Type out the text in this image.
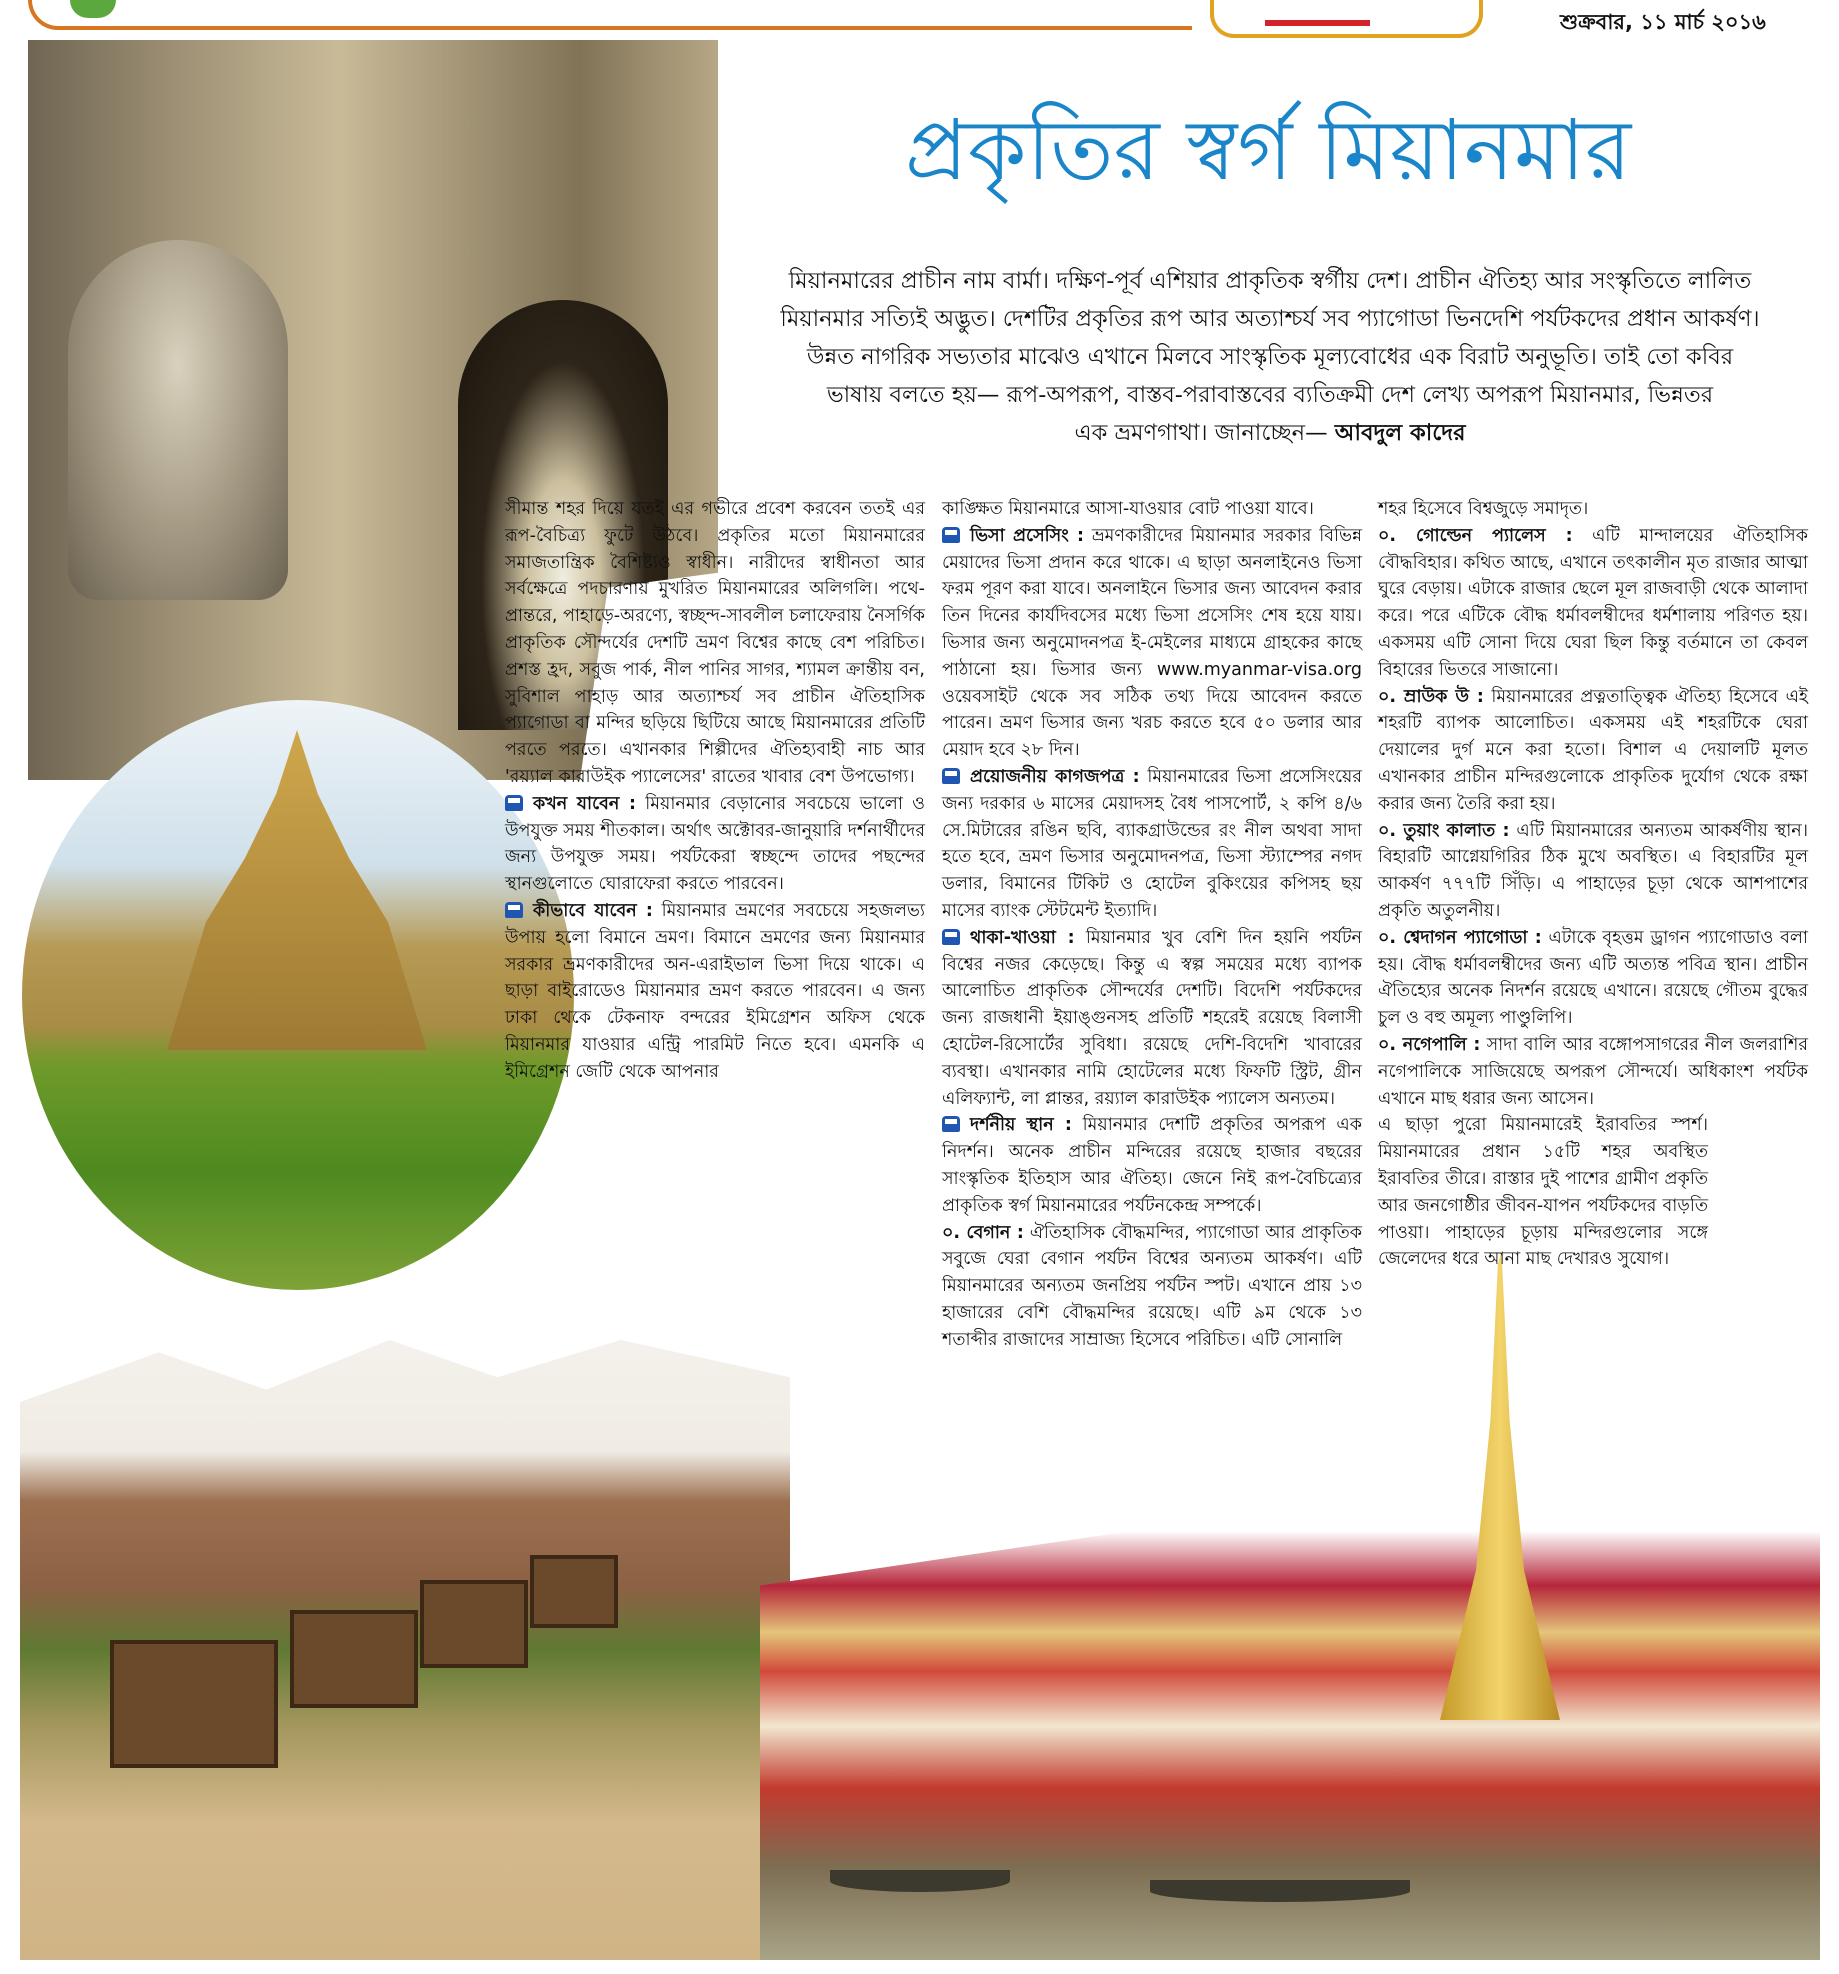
শুক্রবার, ১১ মার্চ ২০১৬
প্রকৃতির স্বর্গ মিয়ানমার
মিয়ানমারের প্রাচীন নাম বার্মা। দক্ষিণ-পূর্ব এশিয়ার প্রাকৃতিক স্বর্গীয় দেশ। প্রাচীন ঐতিহ্য আর সংস্কৃতিতে লালিত
মিয়ানমার সত্যিই অদ্ভুত। দেশটির প্রকৃতির রূপ আর অত্যাশ্চর্য সব প্যাগোডা ভিনদেশি পর্যটকদের প্রধান আকর্ষণ।
উন্নত নাগরিক সভ্যতার মাঝেও এখানে মিলবে সাংস্কৃতিক মূল্যবোধের এক বিরাট অনুভূতি। তাই তো কবির
ভাষায় বলতে হয়— রূপ-অপরূপ, বাস্তব-পরাবাস্তবের ব্যতিক্রমী দেশ লেখ্য অপরূপ মিয়ানমার, ভিন্নতর
এক ভ্রমণগাথা। জানাচ্ছেন— আবদুল কাদের

সীমান্ত শহর দিয়ে যতই এর গভীরে প্রবেশ করবেন ততই এর রূপ-বৈচিত্র্য ফুটে উঠবে। প্রকৃতির মতো মিয়ানমারের সমাজতান্ত্রিক বৈশিষ্ট্যও স্বাধীন। নারীদের স্বাধীনতা আর সর্বক্ষেত্রে পদচারণায় মুখরিত মিয়ানমারের অলিগলি। পথে-প্রান্তরে, পাহাড়ে-অরণ্যে, স্বচ্ছন্দ-সাবলীল চলাফেরায় নৈসর্গিক প্রাকৃতিক সৌন্দর্যের দেশটি ভ্রমণ বিশ্বের কাছে বেশ পরিচিত। প্রশস্ত হ্রদ, সবুজ পার্ক, নীল পানির সাগর, শ্যামল ক্রান্তীয় বন, সুবিশাল পাহাড় আর অত্যাশ্চর্য সব প্রাচীন ঐতিহাসিক প্যাগোডা বা মন্দির ছড়িয়ে ছিটিয়ে আছে মিয়ানমারের প্রতিটি পরতে পরতে। এখানকার শিল্পীদের ঐতিহ্যবাহী নাচ আর 'রয়্যাল কারাউইক প্যালেসের' রাতের খাবার বেশ উপভোগ্য।

কখন যাবেন : মিয়ানমার বেড়ানোর সবচেয়ে ভালো ও উপযুক্ত সময় শীতকাল। অর্থাৎ অক্টোবর-জানুয়ারি দর্শনার্থীদের জন্য উপযুক্ত সময়। পর্যটকেরা স্বচ্ছন্দে তাদের পছন্দের স্থানগুলোতে ঘোরাফেরা করতে পারবেন।

কীভাবে যাবেন : মিয়ানমার ভ্রমণের সবচেয়ে সহজলভ্য উপায় হলো বিমানে ভ্রমণ। বিমানে ভ্রমণের জন্য মিয়ানমার সরকার ভ্রমণকারীদের অন-এরাইভাল ভিসা দিয়ে থাকে। এ ছাড়া বাইরোডেও মিয়ানমার ভ্রমণ করতে পারবেন। এ জন্য ঢাকা থেকে টেকনাফ বন্দরের ইমিগ্রেশন অফিস থেকে মিয়ানমার যাওয়ার এন্ট্রি পারমিট নিতে হবে। এমনকি এ ইমিগ্রেশন জেটি থেকে আপনার

কাঙ্ক্ষিত মিয়ানমারে আসা-যাওয়ার বোট পাওয়া যাবে।

ভিসা প্রসেসিং : ভ্রমণকারীদের মিয়ানমার সরকার বিভিন্ন মেয়াদের ভিসা প্রদান করে থাকে। এ ছাড়া অনলাইনেও ভিসা ফরম পূরণ করা যাবে। অনলাইনে ভিসার জন্য আবেদন করার তিন দিনের কার্যদিবসের মধ্যে ভিসা প্রসেসিং শেষ হয়ে যায়। ভিসার জন্য অনুমোদনপত্র ই-মেইলের মাধ্যমে গ্রাহকের কাছে পাঠানো হয়। ভিসার জন্য www.myanmar-visa.org ওয়েবসাইট থেকে সব সঠিক তথ্য দিয়ে আবেদন করতে পারেন। ভ্রমণ ভিসার জন্য খরচ করতে হবে ৫০ ডলার আর মেয়াদ হবে ২৮ দিন।

প্রয়োজনীয় কাগজপত্র : মিয়ানমারের ভিসা প্রসেসিংয়ের জন্য দরকার ৬ মাসের মেয়াদসহ বৈধ পাসপোর্ট, ২ কপি ৪/৬ সে.মিটারের রঙিন ছবি, ব্যাকগ্রাউন্ডের রং নীল অথবা সাদা হতে হবে, ভ্রমণ ভিসার অনুমোদনপত্র, ভিসা স্ট্যাম্পের নগদ ডলার, বিমানের টিকিট ও হোটেল বুকিংয়ের কপিসহ ছয় মাসের ব্যাংক স্টেটমেন্ট ইত্যাদি।

থাকা-খাওয়া : মিয়ানমার খুব বেশি দিন হয়নি পর্যটন বিশ্বের নজর কেড়েছে। কিন্তু এ স্বল্প সময়ের মধ্যে ব্যাপক আলোচিত প্রাকৃতিক সৌন্দর্যের দেশটি। বিদেশি পর্যটকদের জন্য রাজধানী ইয়াঙ্গুনসহ প্রতিটি শহরেই রয়েছে বিলাসী হোটেল-রিসোর্টের সুবিধা। রয়েছে দেশি-বিদেশি খাবারের ব্যবস্থা। এখানকার নামি হোটেলের মধ্যে ফিফটি স্ট্রিট, গ্রীন এলিফ্যান্ট, লা প্লান্তর, রয়্যাল কারাউইক প্যালেস অন্যতম।

দর্শনীয় স্থান : মিয়ানমার দেশটি প্রকৃতির অপরূপ এক নিদর্শন। অনেক প্রাচীন মন্দিরের রয়েছে হাজার বছরের সাংস্কৃতিক ইতিহাস আর ঐতিহ্য। জেনে নিই রূপ-বৈচিত্র্যের প্রাকৃতিক স্বর্গ মিয়ানমারের পর্যটনকেন্দ্র সম্পর্কে।

০. বেগান : ঐতিহাসিক বৌদ্ধমন্দির, প্যাগোডা আর প্রাকৃতিক সবুজে ঘেরা বেগান পর্যটন বিশ্বের অন্যতম আকর্ষণ। এটি মিয়ানমারের অন্যতম জনপ্রিয় পর্যটন স্পট। এখানে প্রায় ১৩ হাজারের বেশি বৌদ্ধমন্দির রয়েছে। এটি ৯ম থেকে ১৩ শতাব্দীর রাজাদের সাম্রাজ্য হিসেবে পরিচিত। এটি সোনালি

শহর হিসেবে বিশ্বজুড়ে সমাদৃত।

০. গোল্ডেন প্যালেস : এটি মান্দালয়ের ঐতিহাসিক বৌদ্ধবিহার। কথিত আছে, এখানে তৎকালীন মৃত রাজার আত্মা ঘুরে বেড়ায়। এটাকে রাজার ছেলে মূল রাজবাড়ী থেকে আলাদা করে। পরে এটিকে বৌদ্ধ ধর্মাবলম্বীদের ধর্মশালায় পরিণত হয়। একসময় এটি সোনা দিয়ে ঘেরা ছিল কিন্তু বর্তমানে তা কেবল বিহারের ভিতরে সাজানো।

০. ম্রাউক উ : মিয়ানমারের প্রত্নতাত্ত্বিক ঐতিহ্য হিসেবে এই শহরটি ব্যাপক আলোচিত। একসময় এই শহরটিকে ঘেরা দেয়ালের দুর্গ মনে করা হতো। বিশাল এ দেয়ালটি মূলত এখানকার প্রাচীন মন্দিরগুলোকে প্রাকৃতিক দুর্যোগ থেকে রক্ষা করার জন্য তৈরি করা হয়।

০. তুয়াং কালাত : এটি মিয়ানমারের অন্যতম আকর্ষণীয় স্থান। বিহারটি আগ্নেয়গিরির ঠিক মুখে অবস্থিত। এ বিহারটির মূল আকর্ষণ ৭৭৭টি সিঁড়ি। এ পাহাড়ের চূড়া থেকে আশপাশের প্রকৃতি অতুলনীয়।

০. শ্বেদাগন প্যাগোডা : এটাকে বৃহত্তম ড্রাগন প্যাগোডাও বলা হয়। বৌদ্ধ ধর্মাবলম্বীদের জন্য এটি অত্যন্ত পবিত্র স্থান। প্রাচীন ঐতিহ্যের অনেক নিদর্শন রয়েছে এখানে। রয়েছে গৌতম বুদ্ধের চুল ও বহু অমূল্য পাণ্ডুলিপি।

০. নগেপালি : সাদা বালি আর বঙ্গোপসাগরের নীল জলরাশির নগেপালিকে সাজিয়েছে অপরূপ সৌন্দর্যে। অধিকাংশ পর্যটক এখানে মাছ ধরার জন্য আসেন।

এ ছাড়া পুরো মিয়ানমারেই ইরাবতির স্পর্শ। মিয়ানমারের প্রধান ১৫টি শহর অবস্থিত ইরাবতির তীরে। রাস্তার দুই পাশের গ্রামীণ প্রকৃতি আর জনগোষ্ঠীর জীবন-যাপন পর্যটকদের বাড়তি পাওয়া। পাহাড়ের চূড়ায় মন্দিরগুলোর সঙ্গে জেলেদের ধরে আনা মাছ দেখারও সুযোগ।
